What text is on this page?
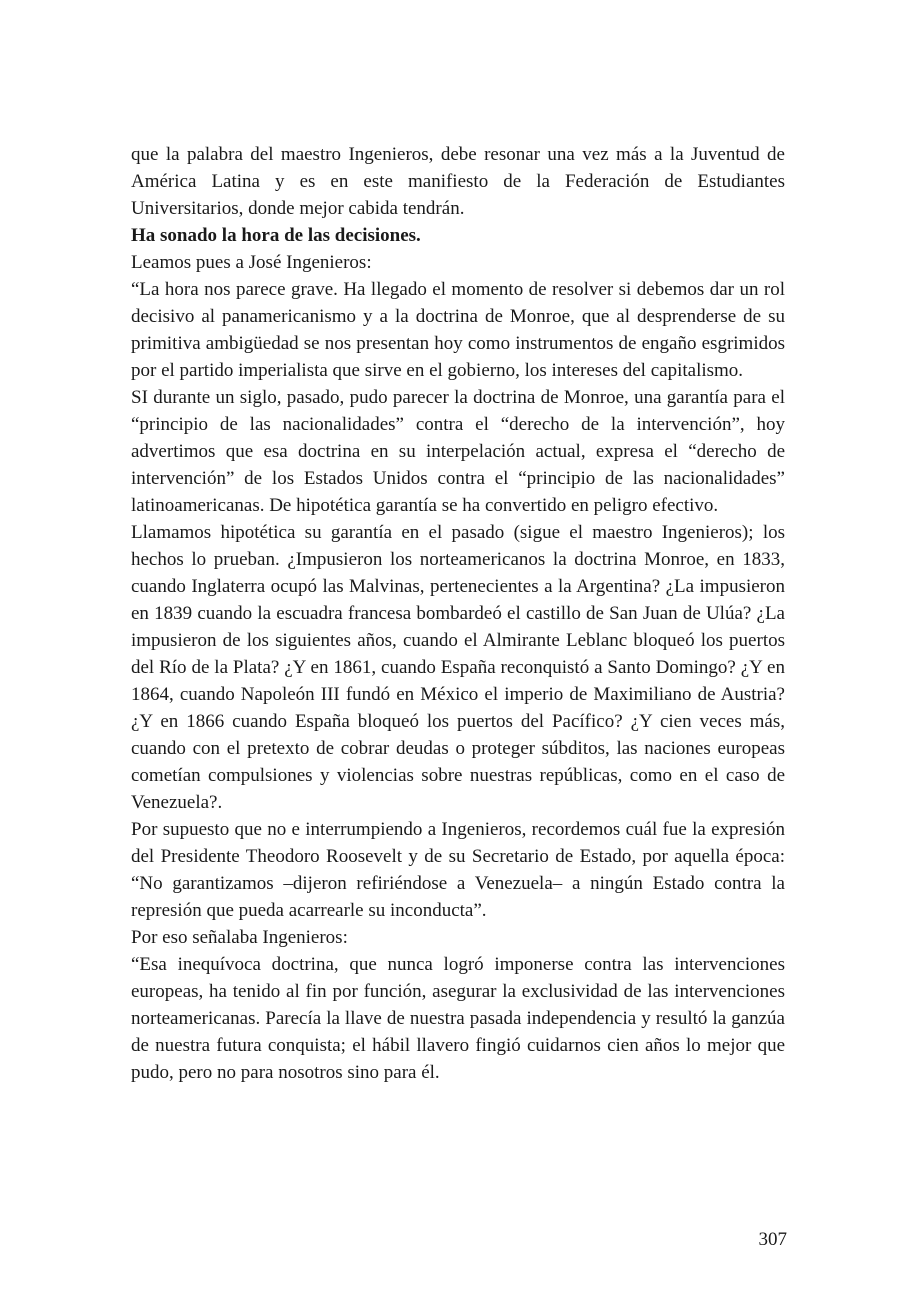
que la palabra del maestro Ingenieros, debe resonar una vez más a la Juventud de América Latina y es en este manifiesto de la Federación de Estudiantes Universitarios, donde mejor cabida tendrán.

Ha sonado la hora de las decisiones.

Leamos pues a José Ingenieros:

“La hora nos parece grave. Ha llegado el momento de resolver si debemos dar un rol decisivo al panamericanismo y a la doctrina de Monroe, que al desprenderse de su primitiva ambigüedad se nos presentan hoy como instrumentos de engaño esgrimidos por el partido imperialista que sirve en el gobierno, los intereses del capitalismo.

SI durante un siglo, pasado, pudo parecer la doctrina de Monroe, una garantía para el “principio de las nacionalidades” contra el “derecho de la intervención”, hoy advertimos que esa doctrina en su interpelación actual, expresa el “derecho de intervención” de los Estados Unidos contra el “principio de las nacionalidades” latinoamericanas. De hipotética garantía se ha convertido en peligro efectivo.

Llamamos hipotética su garantía en el pasado (sigue el maestro Ingenieros); los hechos lo prueban. ¿Impusieron los norteamericanos la doctrina Monroe, en 1833, cuando Inglaterra ocupó las Malvinas, pertenecientes a la Argentina? ¿La impusieron en 1839 cuando la escuadra francesa bombardeó el castillo de San Juan de Ulúa? ¿La impusieron de los siguientes años, cuando el Almirante Leblanc bloqueó los puertos del Río de la Plata? ¿Y en 1861, cuando España reconquistó a Santo Domingo? ¿Y en 1864, cuando Napoleón III fundó en México el imperio de Maximiliano de Austria? ¿Y en 1866 cuando España bloqueó los puertos del Pacífico? ¿Y cien veces más, cuando con el pretexto de cobrar deudas o proteger súbditos, las naciones europeas cometían compulsiones y violencias sobre nuestras repúblicas, como en el caso de Venezuela?.

Por supuesto que no e interrumpiendo a Ingenieros, recordemos cuál fue la expresión del Presidente Theodoro Roosevelt y de su Secretario de Estado, por aquella época: “No garantizamos –dijeron refiriéndose a Venezuela– a ningún Estado contra la represión que pueda acarrearle su inconducta”.

Por eso señalaba Ingenieros:

“Esa inequívoca doctrina, que nunca logró imponerse contra las intervenciones europeas, ha tenido al fin por función, asegurar la exclusividad de las intervenciones norteamericanas. Parecía la llave de nuestra pasada independencia y resultó la ganzúa de nuestra futura conquista; el hábil llavero fingió cuidarnos cien años lo mejor que pudo, pero no para nosotros sino para él.

307
